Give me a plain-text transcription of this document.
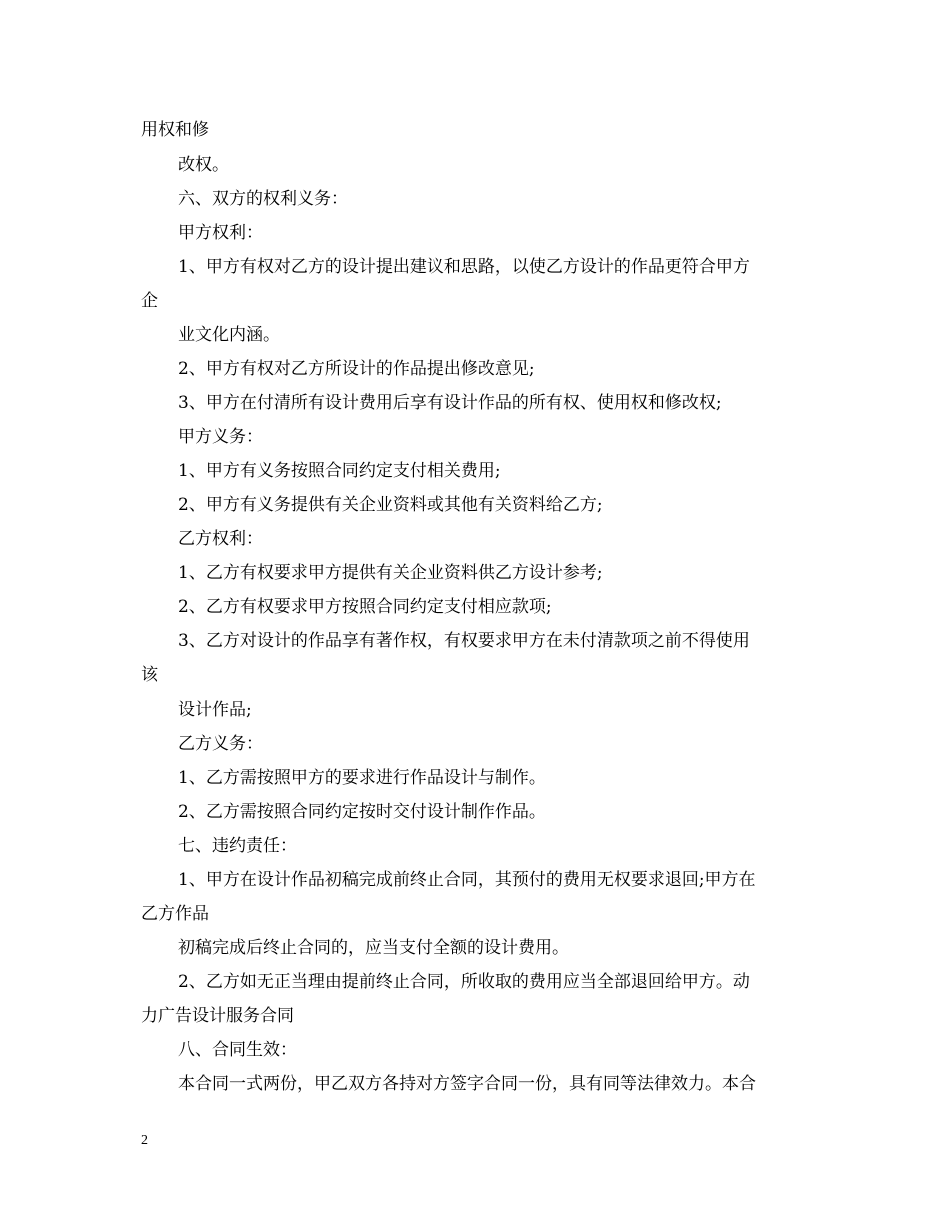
用权和修
改权。
六、双方的权利义务：
甲方权利：
1、甲方有权对乙方的设计提出建议和思路，以使乙方设计的作品更符合甲方
企
业文化内涵。
2、甲方有权对乙方所设计的作品提出修改意见;
3、甲方在付清所有设计费用后享有设计作品的所有权、使用权和修改权;
甲方义务：
1、甲方有义务按照合同约定支付相关费用;
2、甲方有义务提供有关企业资料或其他有关资料给乙方;
乙方权利：
1、乙方有权要求甲方提供有关企业资料供乙方设计参考;
2、乙方有权要求甲方按照合同约定支付相应款项;
3、乙方对设计的作品享有著作权，有权要求甲方在未付清款项之前不得使用
该
设计作品;
乙方义务：
1、乙方需按照甲方的要求进行作品设计与制作。
2、乙方需按照合同约定按时交付设计制作作品。
七、违约责任：
1、甲方在设计作品初稿完成前终止合同，其预付的费用无权要求退回;甲方在
乙方作品
初稿完成后终止合同的，应当支付全额的设计费用。
2、乙方如无正当理由提前终止合同，所收取的费用应当全部退回给甲方。动
力广告设计服务合同
八、合同生效：
本合同一式两份，甲乙双方各持对方签字合同一份，具有同等法律效力。本合
2
